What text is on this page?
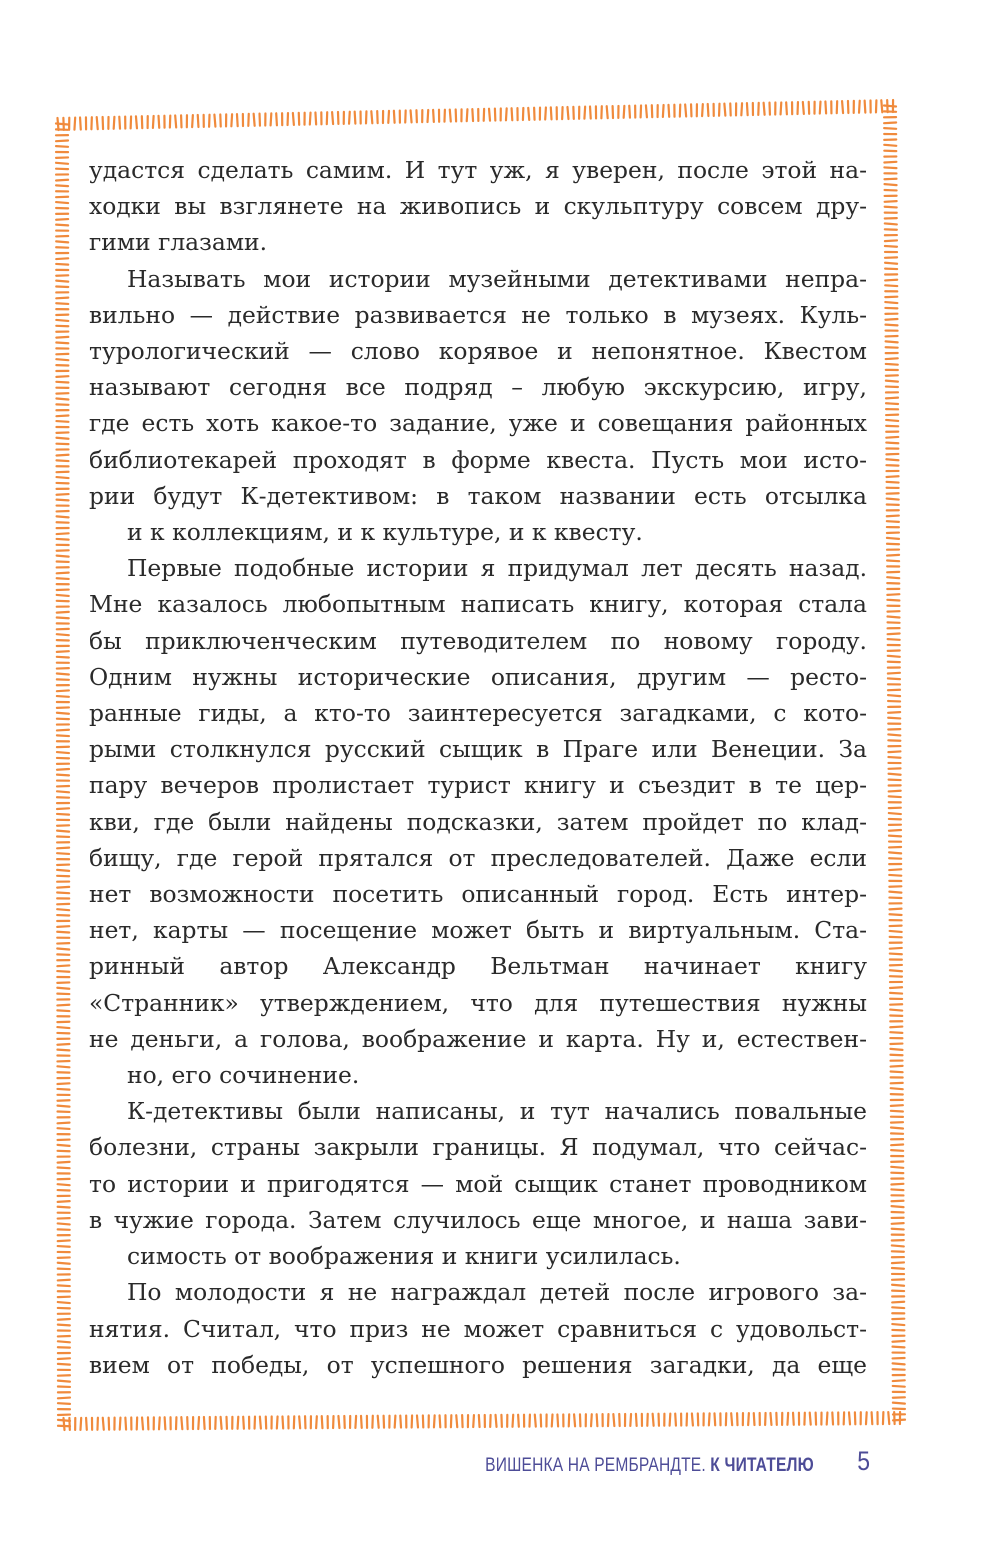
удастся сделать самим. И тут уж, я уверен, после этой на-
ходки вы взглянете на живопись и скульптуру совсем дру-

гими глазами.

Называть мои истории музейными детективами непра-
вильно — действие развивается не только в музеях. Куль-
турологический — слово корявое и непонятное. Квестом
называют сегодня все подряд – любую экскурсию, игру,
где есть хоть какое-то задание, уже и совещания районных
библиотекарей проходят в форме квеста. Пусть мои исто-
рии будут К-детективом: в таком названии есть отсылка

и к коллекциям, и к культуре, и к квесту.

Первые подобные истории я придумал лет десять назад.
Мне казалось любопытным написать книгу, которая стала
бы приключенческим путеводителем по новому городу.
Одним нужны исторические описания, другим — ресто-
ранные гиды, а кто-то заинтересуется загадками, с кото-
рыми столкнулся русский сыщик в Праге или Венеции. За
пару вечеров пролистает турист книгу и съездит в те цер-
кви, где были найдены подсказки, затем пройдет по клад-
бищу, где герой прятался от преследователей. Даже если
нет возможности посетить описанный город. Есть интер-
нет, карты — посещение может быть и виртуальным. Ста-
ринный автор Александр Вельтман начинает книгу
«Странник» утверждением, что для путешествия нужны
не деньги, а голова, воображение и карта. Ну и, естествен-

но, его сочинение.

К-детективы были написаны, и тут начались повальные
болезни, страны закрыли границы. Я подумал, что сейчас-
то истории и пригодятся — мой сыщик станет проводником
в чужие города. Затем случилось еще многое, и наша зави-

симость от воображения и книги усилилась.

По молодости я не награждал детей после игрового за-
нятия. Считал, что приз не может сравниться с удовольст-
вием от победы, от успешного решения загадки, да еще

ВИШЕНКА НА РЕМБРАНДТЕ. К ЧИТАТЕЛЮ 5
